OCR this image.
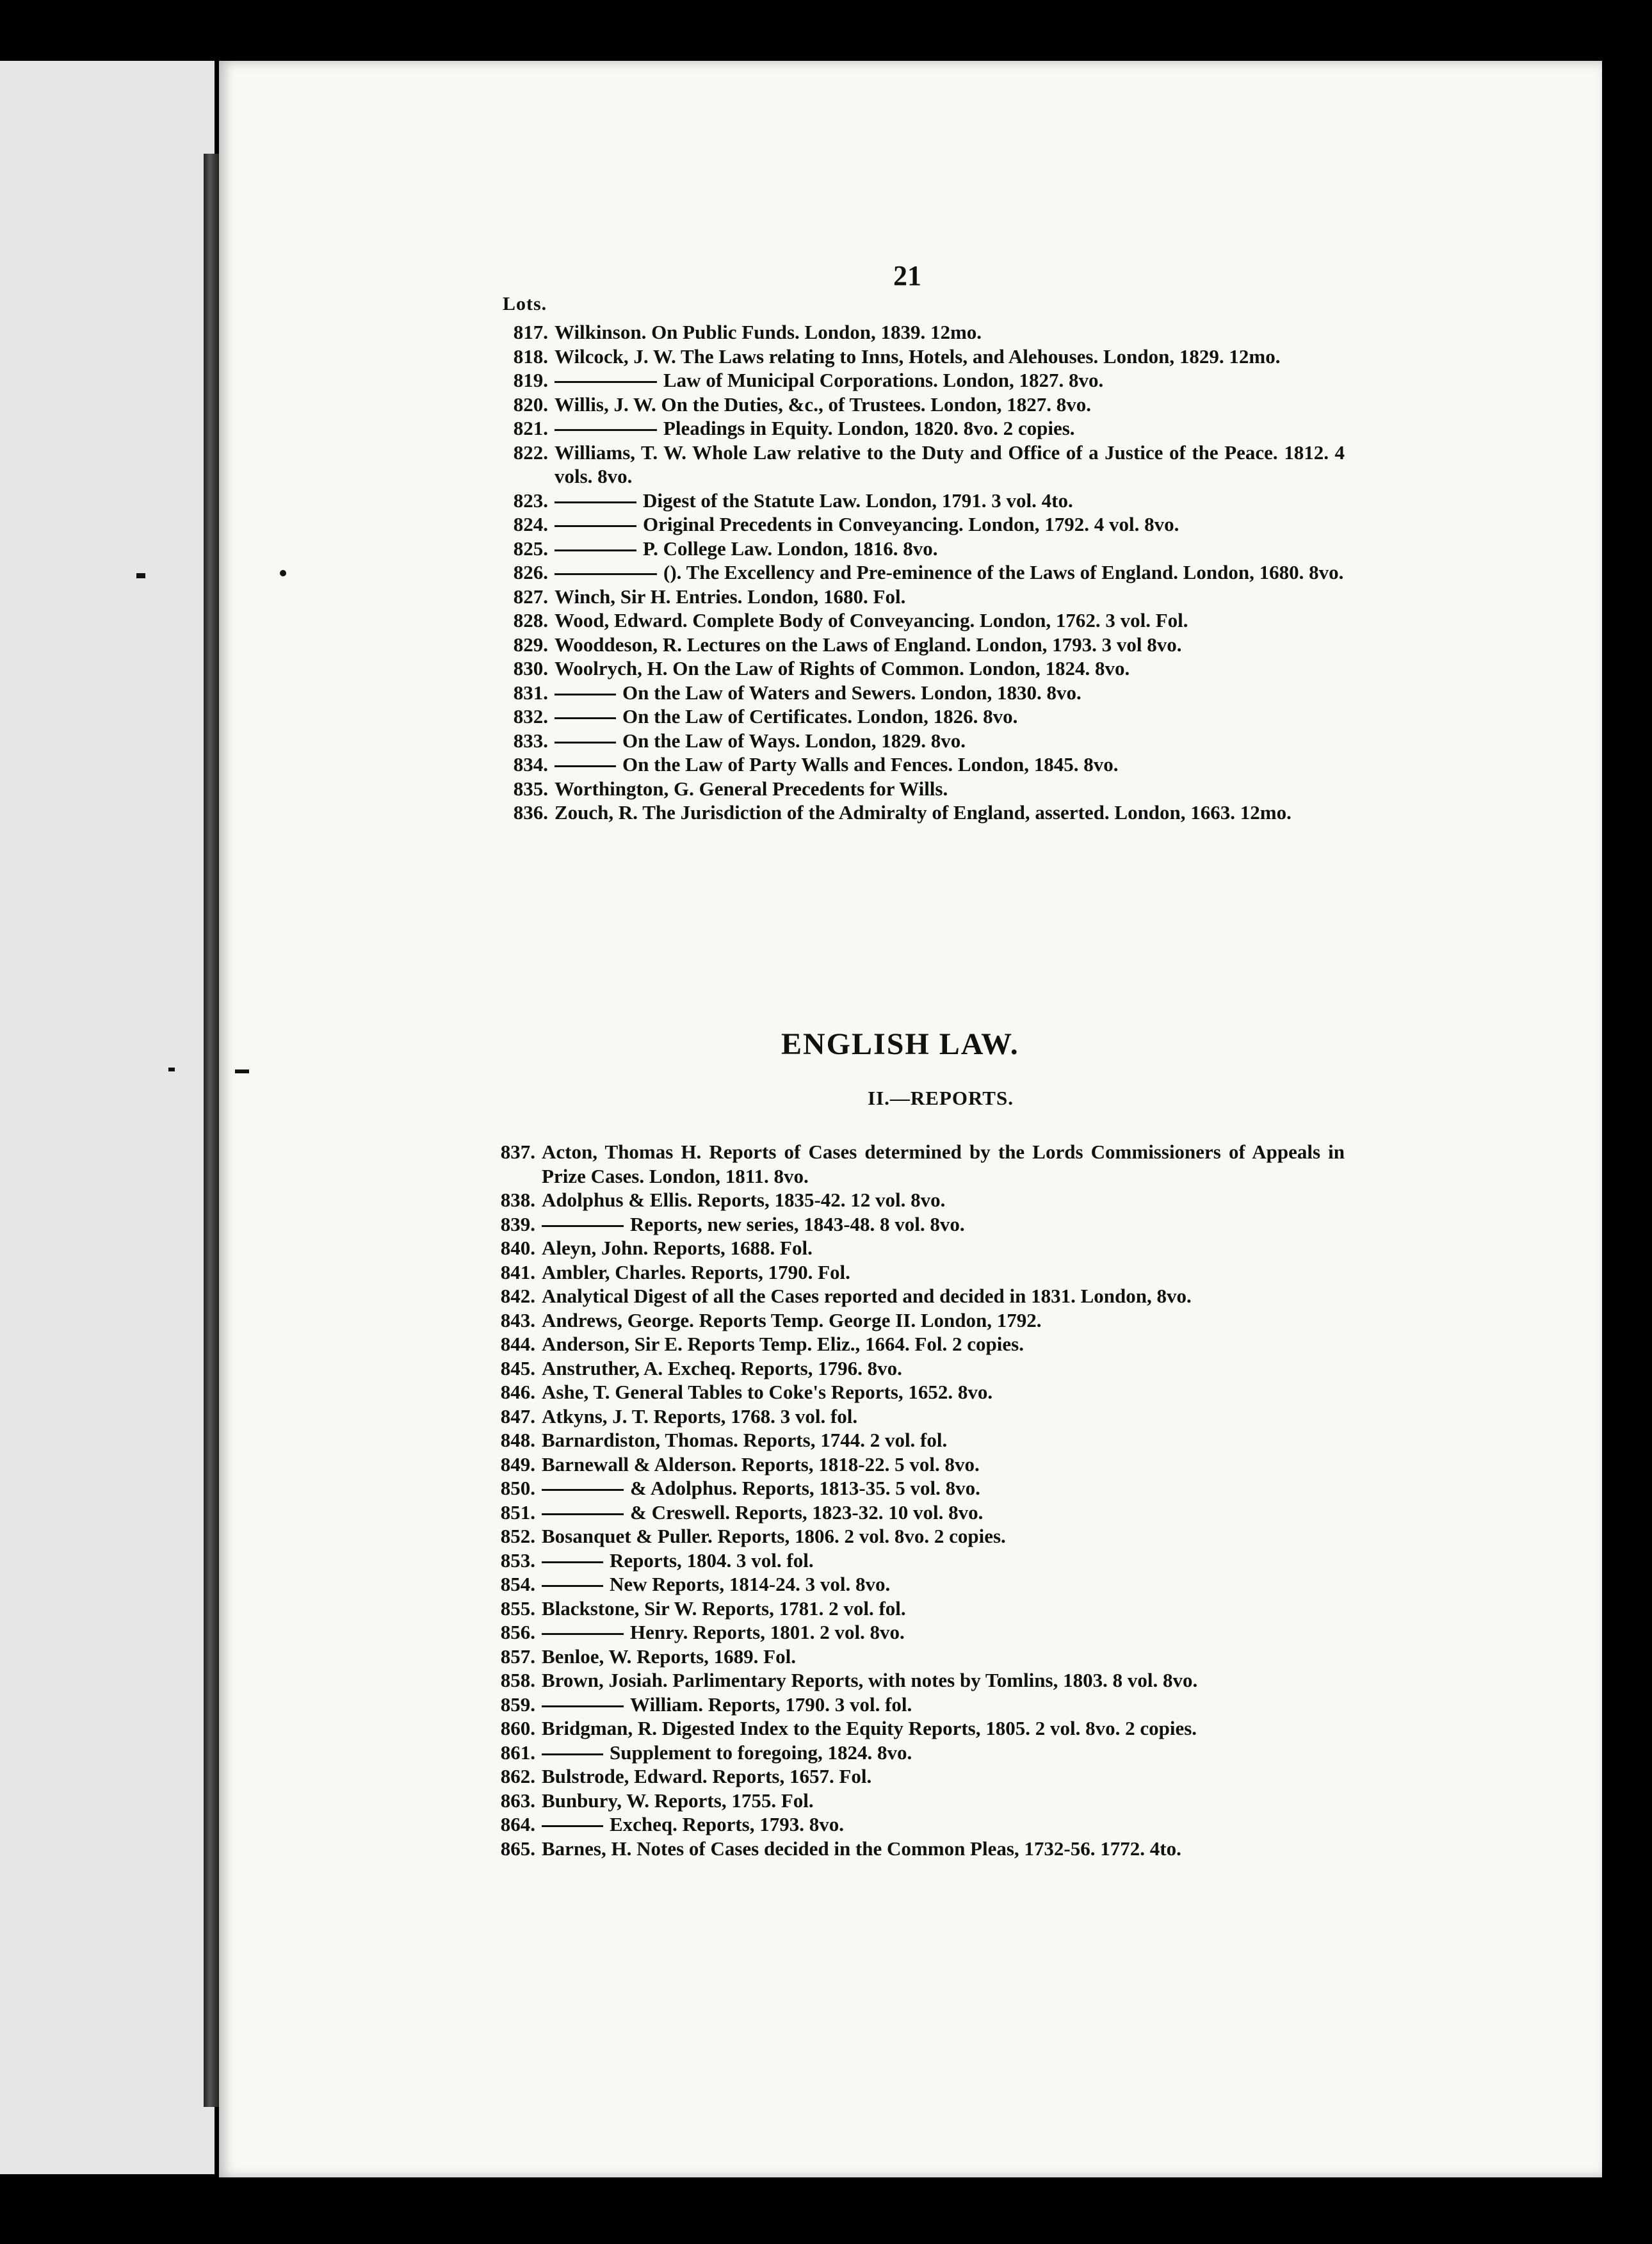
21
Lots.
817. Wilkinson. On Public Funds. London, 1839. 12mo.
818. Wilcock, J. W. The Laws relating to Inns, Hotels, and Alehouses. London, 1829. 12mo.
819.	Law of Municipal Corporations. London, 1827. 8vo.
820. Willis, J. W. On the Duties, &c., of Trustees. London, 1827. 8vo.
821.	Pleadings in Equity. London, 1820. 8vo. 2 copies.
822. Williams, T. W. Whole Law relative to the Duty and Office of a Justice of the Peace. 1812. 4 vols. 8vo.
823.	Digest of the Statute Law. London, 1791. 3 vol. 4to.
824.	Original Precedents in Conveyancing. London, 1792. 4 vol. 8vo.
825.	P. College Law. London, 1816. 8vo.
826.	(). The Excellency and Pre-eminence of the Laws of England. London, 1680. 8vo.
827. Winch, Sir H. Entries. London, 1680. Fol.
828. Wood, Edward. Complete Body of Conveyancing. London, 1762. 3 vol. Fol.
829. Wooddeson, R. Lectures on the Laws of England. London, 1793. 3 vol 8vo.
830. Woolrych, H. On the Law of Rights of Common. London, 1824. 8vo.
831.	On the Law of Waters and Sewers. London, 1830. 8vo.
832.	On the Law of Certificates. London, 1826. 8vo.
833.	On the Law of Ways. London, 1829. 8vo.
834.	On the Law of Party Walls and Fences. London, 1845. 8vo.
835. Worthington, G. General Precedents for Wills.
836. Zouch, R. The Jurisdiction of the Admiralty of England, asserted. London, 1663. 12mo.
ENGLISH LAW.
II.—REPORTS.
837. Acton, Thomas H. Reports of Cases determined by the Lords Commissioners of Appeals in Prize Cases. London, 1811. 8vo.
838. Adolphus & Ellis. Reports, 1835-42. 12 vol. 8vo.
839.	Reports, new series, 1843-48. 8 vol. 8vo.
840. Aleyn, John. Reports, 1688. Fol.
841. Ambler, Charles. Reports, 1790. Fol.
842. Analytical Digest of all the Cases reported and decided in 1831. London, 8vo.
843. Andrews, George. Reports Temp. George II. London, 1792.
844. Anderson, Sir E. Reports Temp. Eliz., 1664. Fol. 2 copies.
845. Anstruther, A. Excheq. Reports, 1796. 8vo.
846. Ashe, T. General Tables to Coke's Reports, 1652. 8vo.
847. Atkyns, J. T. Reports, 1768. 3 vol. fol.
848. Barnardiston, Thomas. Reports, 1744. 2 vol. fol.
849. Barnewall & Alderson. Reports, 1818-22. 5 vol. 8vo.
850.	& Adolphus. Reports, 1813-35. 5 vol. 8vo.
851.	& Creswell. Reports, 1823-32. 10 vol. 8vo.
852. Bosanquet & Puller. Reports, 1806. 2 vol. 8vo. 2 copies.
853.	Reports, 1804. 3 vol. fol.
854.	New Reports, 1814-24. 3 vol. 8vo.
855. Blackstone, Sir W. Reports, 1781. 2 vol. fol.
856.	Henry. Reports, 1801. 2 vol. 8vo.
857. Benloe, W. Reports, 1689. Fol.
858. Brown, Josiah. Parlimentary Reports, with notes by Tomlins, 1803. 8 vol. 8vo.
859.	William. Reports, 1790. 3 vol. fol.
860. Bridgman, R. Digested Index to the Equity Reports, 1805. 2 vol. 8vo. 2 copies.
861.	Supplement to foregoing, 1824. 8vo.
862. Bulstrode, Edward. Reports, 1657. Fol.
863. Bunbury, W. Reports, 1755. Fol.
864.	Excheq. Reports, 1793. 8vo.
865. Barnes, H. Notes of Cases decided in the Common Pleas, 1732-56. 1772. 4to.
